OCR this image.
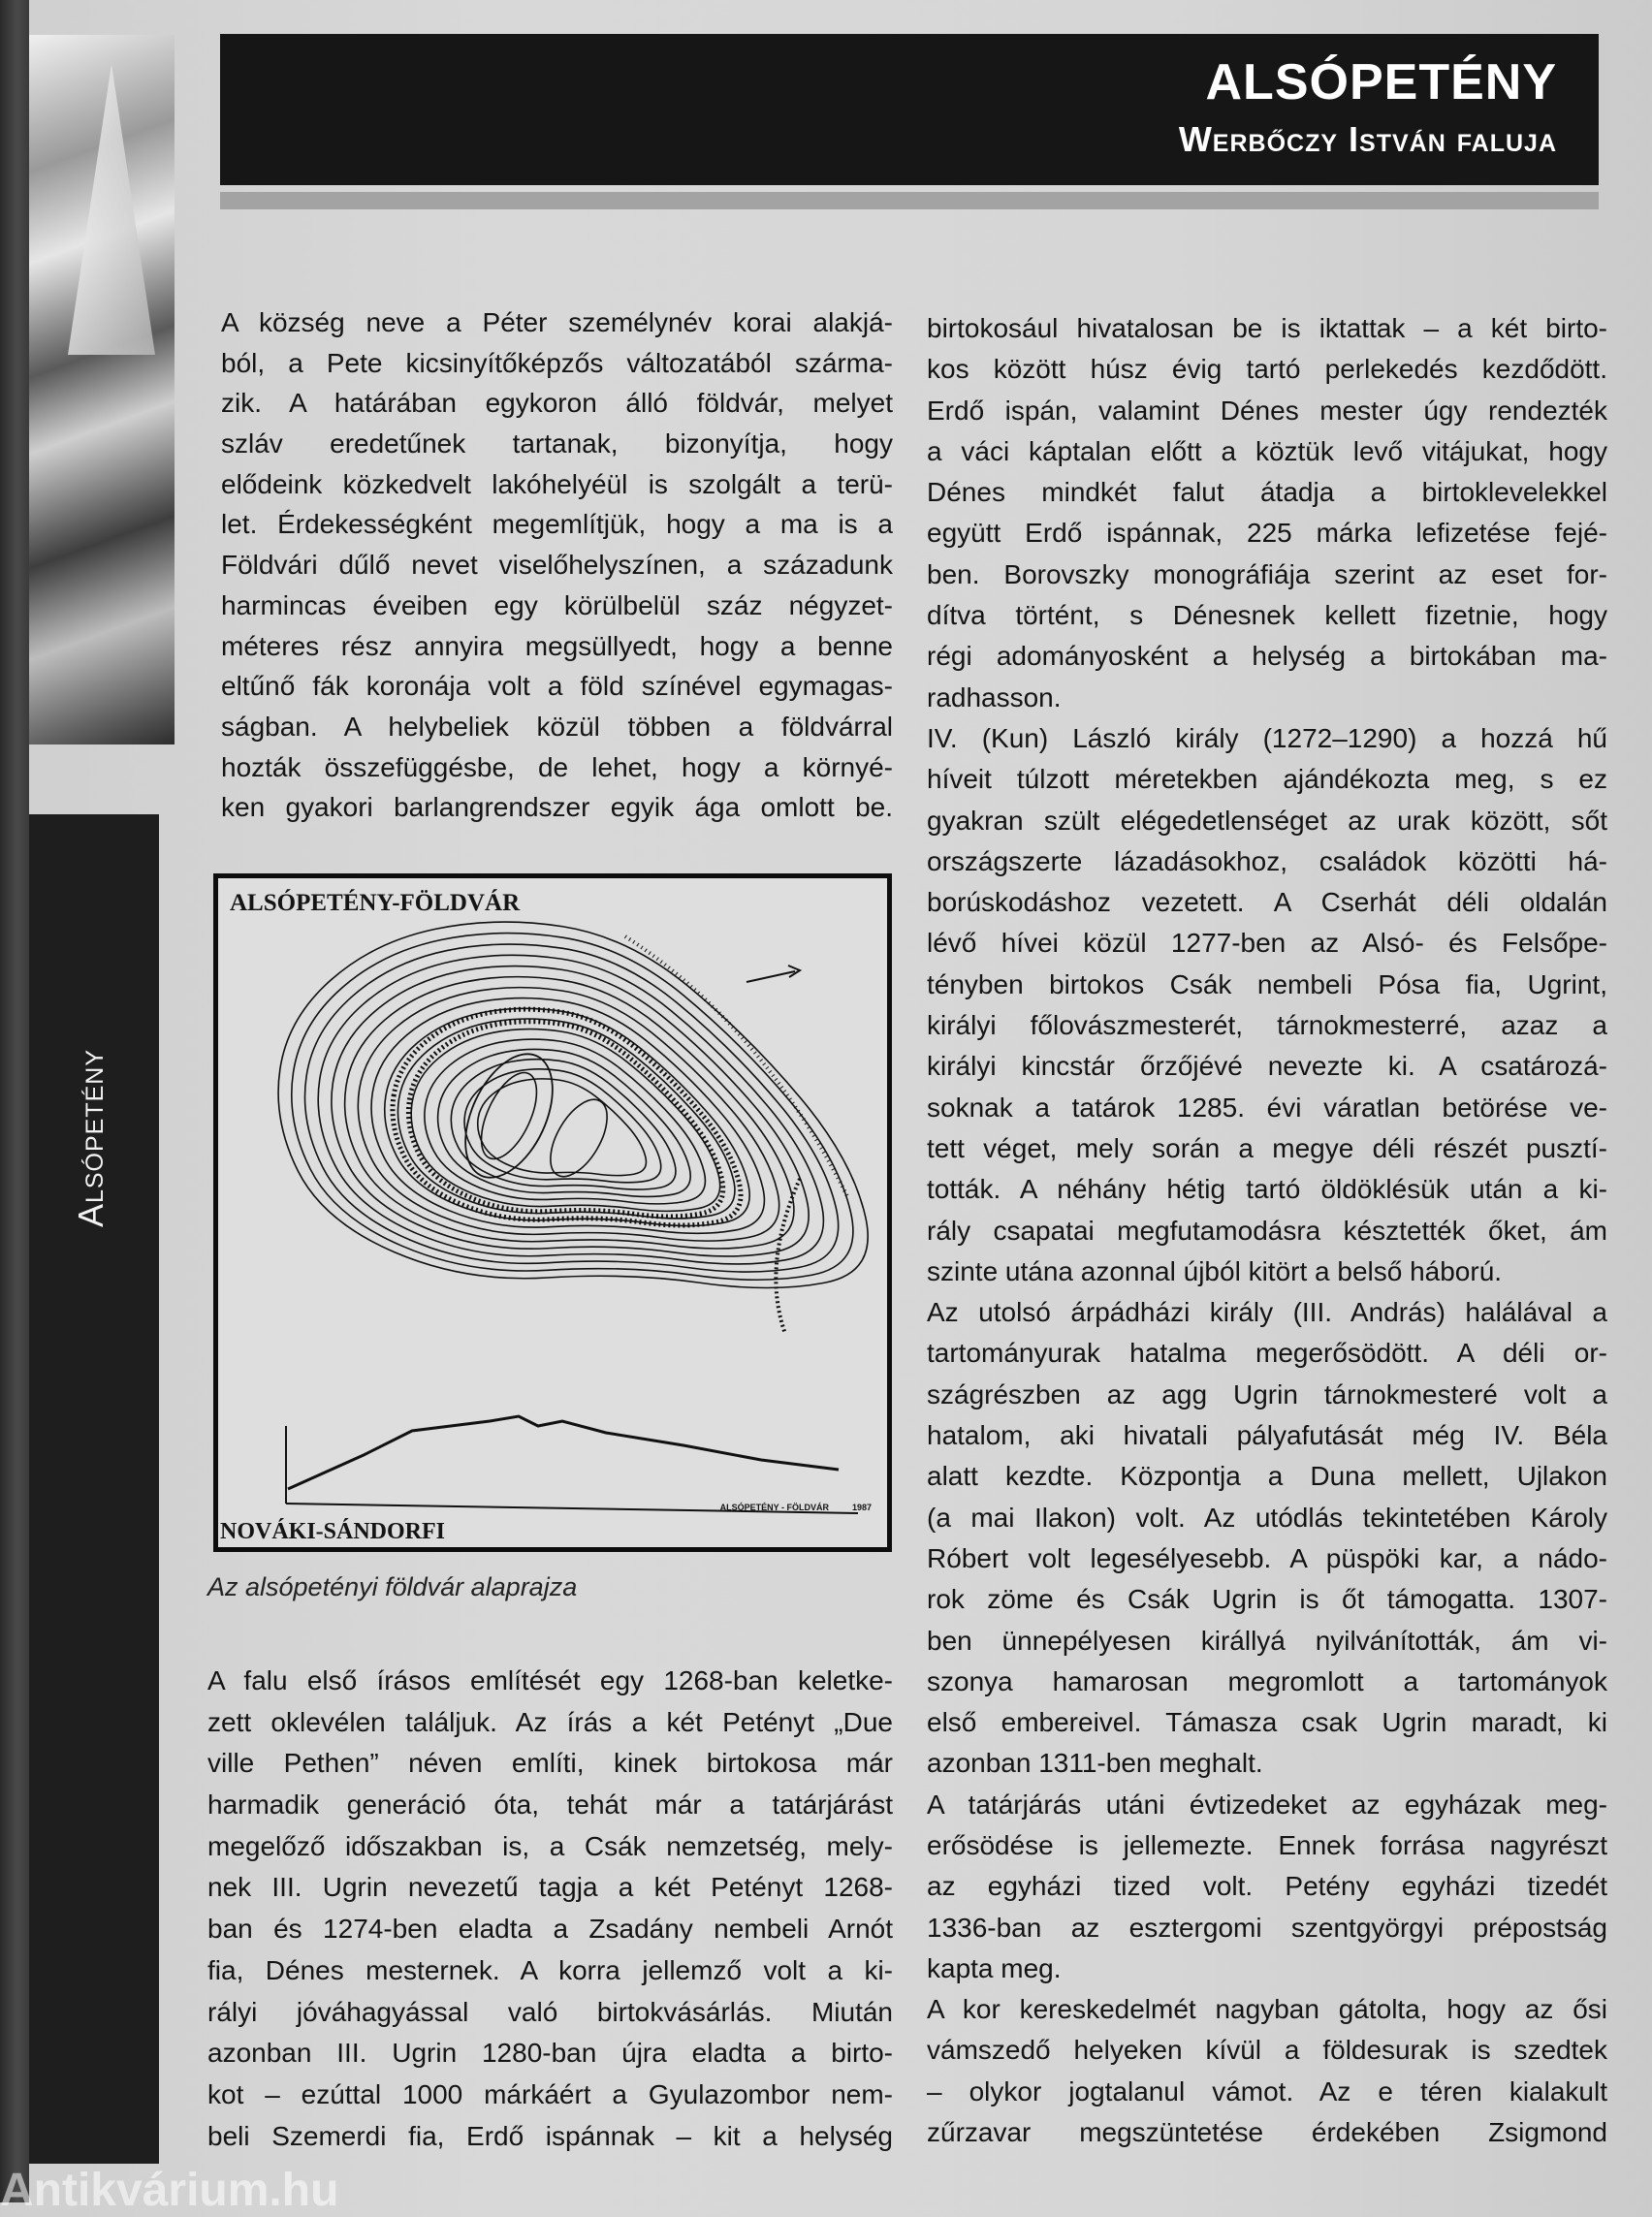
Alsópetény
ALSÓPETÉNY
Werbőczy István faluja
A község neve a Péter személynév korai alakjá-
ból, a Pete kicsinyítőképzős változatából szárma-
zik. A határában egykoron álló földvár, melyet
szláv eredetűnek tartanak, bizonyítja, hogy
elődeink közkedvelt lakóhelyéül is szolgált a terü-
let. Érdekességként megemlítjük, hogy a ma is a
Földvári dűlő nevet viselőhelyszínen, a századunk
harmincas éveiben egy körülbelül száz négyzet-
méteres rész annyira megsüllyedt, hogy a benne
eltűnő fák koronája volt a föld színével egymagas-
ságban. A helybeliek közül többen a földvárral
hozták összefüggésbe, de lehet, hogy a környé-
ken gyakori barlangrendszer egyik ága omlott be.
ALSÓPETÉNY-FÖLDVÁR
ALSÓPETÉNY - FÖLDVÁR	1987
NOVÁKI-SÁNDORFI
Az alsópetényi földvár alaprajza
A falu első írásos említését egy 1268-ban keletke-
zett oklevélen találjuk. Az írás a két Petényt „Due
ville Pethen” néven említi, kinek birtokosa már
harmadik generáció óta, tehát már a tatárjárást
megelőző időszakban is, a Csák nemzetség, mely-
nek III. Ugrin nevezetű tagja a két Petényt 1268-
ban és 1274-ben eladta a Zsadány nembeli Arnót
fia, Dénes mesternek. A korra jellemző volt a ki-
rályi jóváhagyással való birtokvásárlás. Miután
azonban III. Ugrin 1280-ban újra eladta a birto-
kot – ezúttal 1000 márkáért a Gyulazombor nem-
beli Szemerdi fia, Erdő ispánnak – kit a helység
birtokosául hivatalosan be is iktattak – a két birto-
kos között húsz évig tartó perlekedés kezdődött.
Erdő ispán, valamint Dénes mester úgy rendezték
a váci káptalan előtt a köztük levő vitájukat, hogy
Dénes mindkét falut átadja a birtoklevelekkel
együtt Erdő ispánnak, 225 márka lefizetése fejé-
ben. Borovszky monográfiája szerint az eset for-
dítva történt, s Dénesnek kellett fizetnie, hogy
régi adományosként a helység a birtokában ma-
radhasson.
IV. (Kun) László király (1272–1290) a hozzá hű
híveit túlzott méretekben ajándékozta meg, s ez
gyakran szült elégedetlenséget az urak között, sőt
országszerte lázadásokhoz, családok közötti há-
borúskodáshoz vezetett. A Cserhát déli oldalán
lévő hívei közül 1277-ben az Alsó- és Felsőpe-
tényben birtokos Csák nembeli Pósa fia, Ugrint,
királyi főlovászmesterét, tárnokmesterré, azaz a
királyi kincstár őrzőjévé nevezte ki. A csatározá-
soknak a tatárok 1285. évi váratlan betörése ve-
tett véget, mely során a megye déli részét pusztí-
tották. A néhány hétig tartó öldöklésük után a ki-
rály csapatai megfutamodásra késztették őket, ám
szinte utána azonnal újból kitört a belső háború.
Az utolsó árpádházi király (III. András) halálával a
tartományurak hatalma megerősödött. A déli or-
szágrészben az agg Ugrin tárnokmesteré volt a
hatalom, aki hivatali pályafutását még IV. Béla
alatt kezdte. Központja a Duna mellett, Ujlakon
(a mai Ilakon) volt. Az utódlás tekintetében Károly
Róbert volt legesélyesebb. A püspöki kar, a nádo-
rok zöme és Csák Ugrin is őt támogatta. 1307-
ben ünnepélyesen királlyá nyilvánították, ám vi-
szonya hamarosan megromlott a tartományok
első embereivel. Támasza csak Ugrin maradt, ki
azonban 1311-ben meghalt.
A tatárjárás utáni évtizedeket az egyházak meg-
erősödése is jellemezte. Ennek forrása nagyrészt
az egyházi tized volt. Petény egyházi tizedét
1336-ban az esztergomi szentgyörgyi prépostság
kapta meg.
A kor kereskedelmét nagyban gátolta, hogy az ősi
vámszedő helyeken kívül a földesurak is szedtek
– olykor jogtalanul vámot. Az e téren kialakult
zűrzavar megszüntetése érdekében Zsigmond
Antikvárium.hu
